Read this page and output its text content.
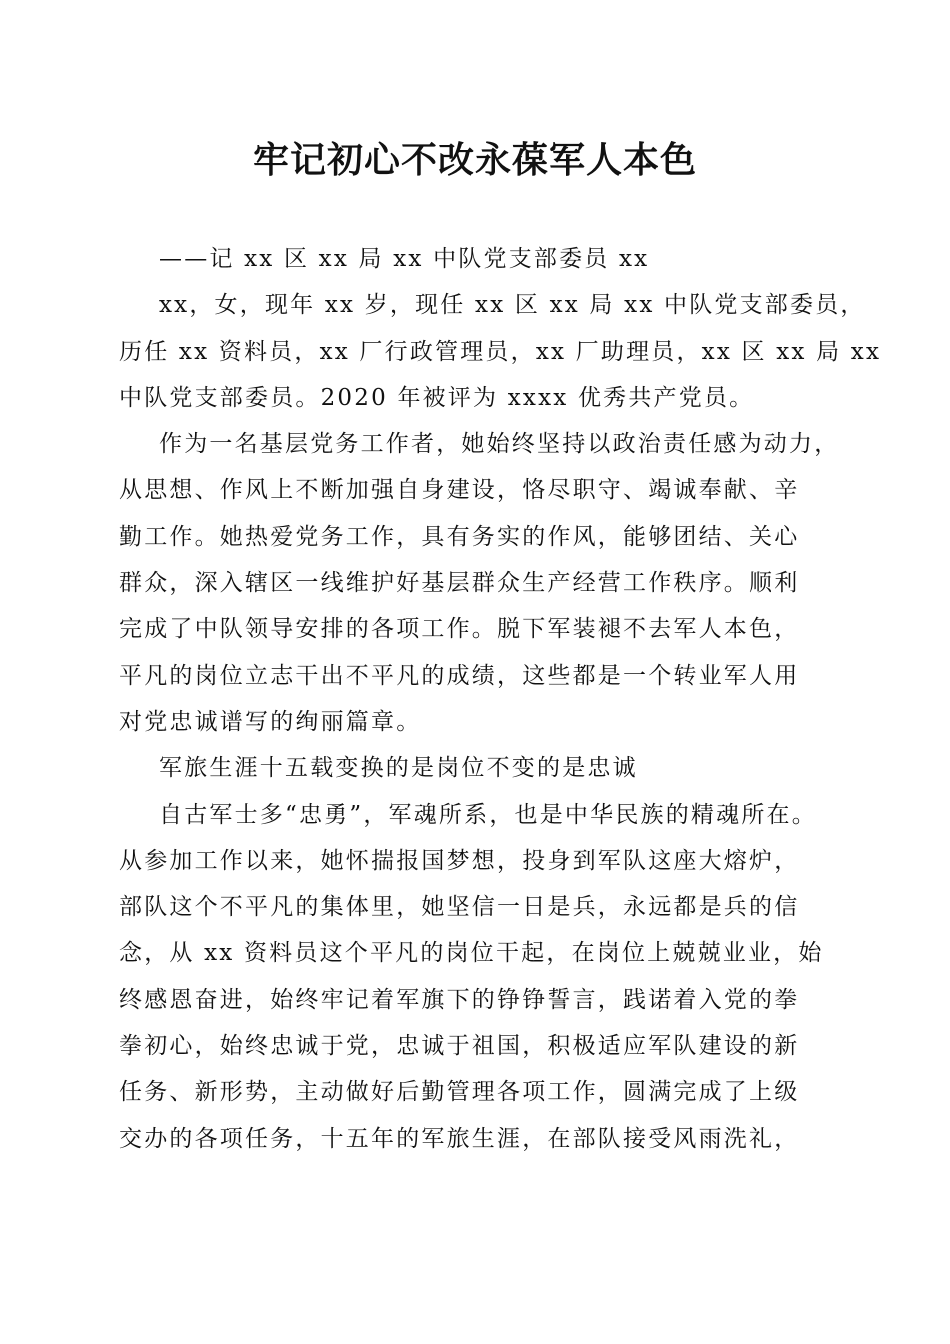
牢记初心不改永葆军人本色
——记 xx 区 xx 局 xx 中队党支部委员 xx
xx，女，现年 xx 岁，现任 xx 区 xx 局 xx 中队党支部委员，
历任 xx 资料员，xx 厂行政管理员，xx 厂助理员，xx 区 xx 局 xx
中队党支部委员。2020 年被评为 xxxx 优秀共产党员。
作为一名基层党务工作者，她始终坚持以政治责任感为动力，
从思想、作风上不断加强自身建设，恪尽职守、竭诚奉献、辛
勤工作。她热爱党务工作，具有务实的作风，能够团结、关心
群众，深入辖区一线维护好基层群众生产经营工作秩序。顺利
完成了中队领导安排的各项工作。脱下军装褪不去军人本色，
平凡的岗位立志干出不平凡的成绩，这些都是一个转业军人用
对党忠诚谱写的绚丽篇章。
军旅生涯十五载变换的是岗位不变的是忠诚
自古军士多“忠勇”，军魂所系，也是中华民族的精魂所在。
从参加工作以来，她怀揣报国梦想，投身到军队这座大熔炉，
部队这个不平凡的集体里，她坚信一日是兵，永远都是兵的信
念，从 xx 资料员这个平凡的岗位干起，在岗位上兢兢业业，始
终感恩奋进，始终牢记着军旗下的铮铮誓言，践诺着入党的拳
拳初心，始终忠诚于党，忠诚于祖国，积极适应军队建设的新
任务、新形势，主动做好后勤管理各项工作，圆满完成了上级
交办的各项任务，十五年的军旅生涯，在部队接受风雨洗礼，
